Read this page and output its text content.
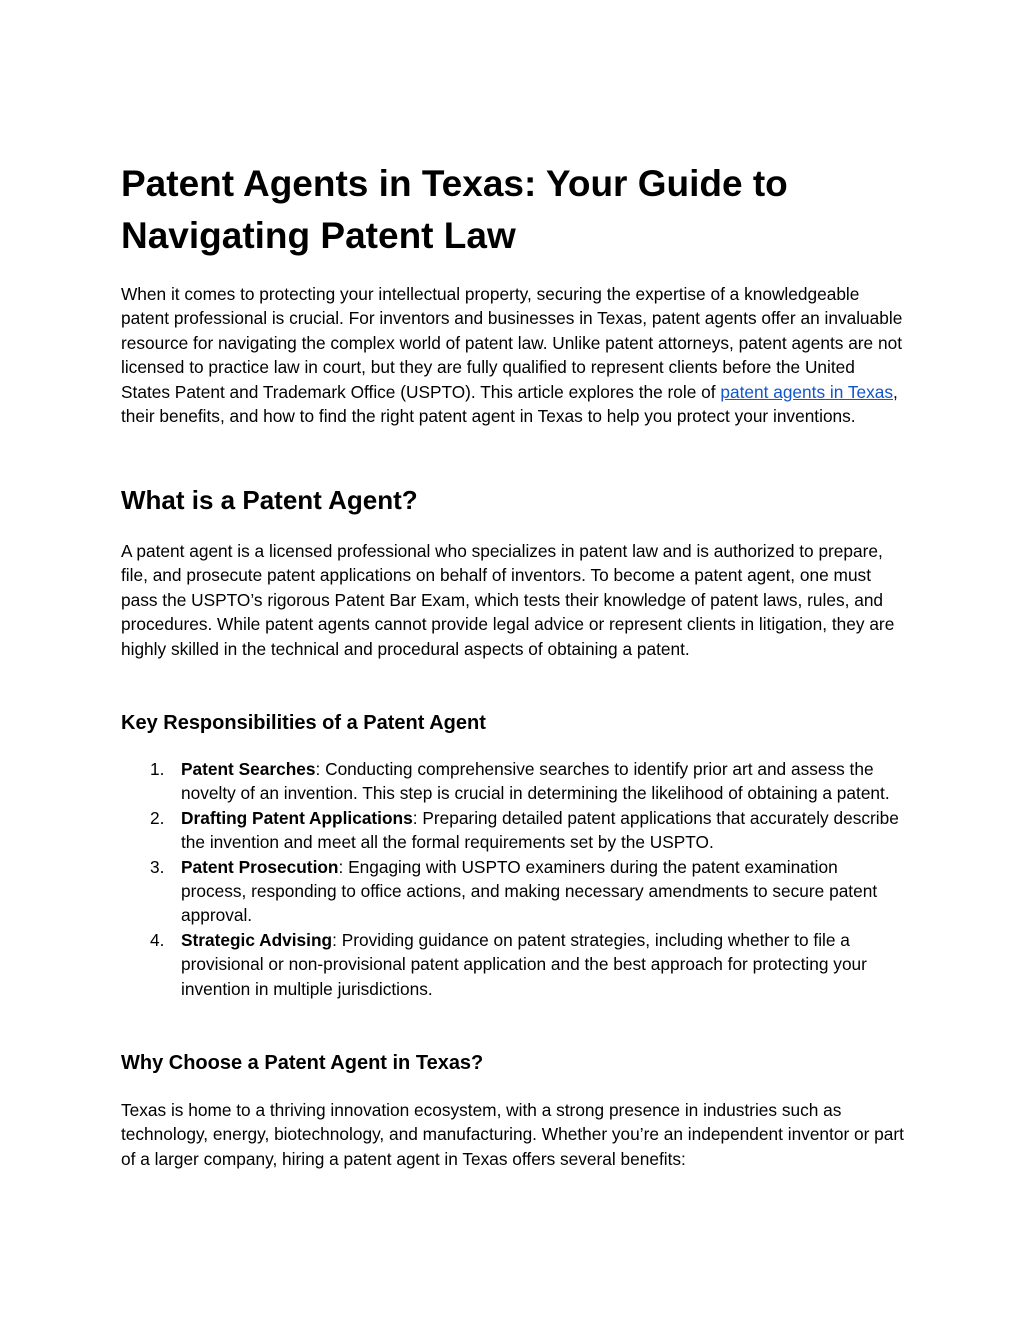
Patent Agents in Texas: Your Guide to Navigating Patent Law

When it comes to protecting your intellectual property, securing the expertise of a knowledgeable patent professional is crucial. For inventors and businesses in Texas, patent agents offer an invaluable resource for navigating the complex world of patent law. Unlike patent attorneys, patent agents are not licensed to practice law in court, but they are fully qualified to represent clients before the United States Patent and Trademark Office (USPTO). This article explores the role of patent agents in Texas, their benefits, and how to find the right patent agent in Texas to help you protect your inventions.

What is a Patent Agent?

A patent agent is a licensed professional who specializes in patent law and is authorized to prepare, file, and prosecute patent applications on behalf of inventors. To become a patent agent, one must pass the USPTO’s rigorous Patent Bar Exam, which tests their knowledge of patent laws, rules, and procedures. While patent agents cannot provide legal advice or represent clients in litigation, they are highly skilled in the technical and procedural aspects of obtaining a patent.

Key Responsibilities of a Patent Agent
1. Patent Searches: Conducting comprehensive searches to identify prior art and assess the novelty of an invention. This step is crucial in determining the likelihood of obtaining a patent.
2. Drafting Patent Applications: Preparing detailed patent applications that accurately describe the invention and meet all the formal requirements set by the USPTO.
3. Patent Prosecution: Engaging with USPTO examiners during the patent examination process, responding to office actions, and making necessary amendments to secure patent approval.
4. Strategic Advising: Providing guidance on patent strategies, including whether to file a provisional or non-provisional patent application and the best approach for protecting your invention in multiple jurisdictions.
Why Choose a Patent Agent in Texas?

Texas is home to a thriving innovation ecosystem, with a strong presence in industries such as technology, energy, biotechnology, and manufacturing. Whether you’re an independent inventor or part of a larger company, hiring a patent agent in Texas offers several benefits:
